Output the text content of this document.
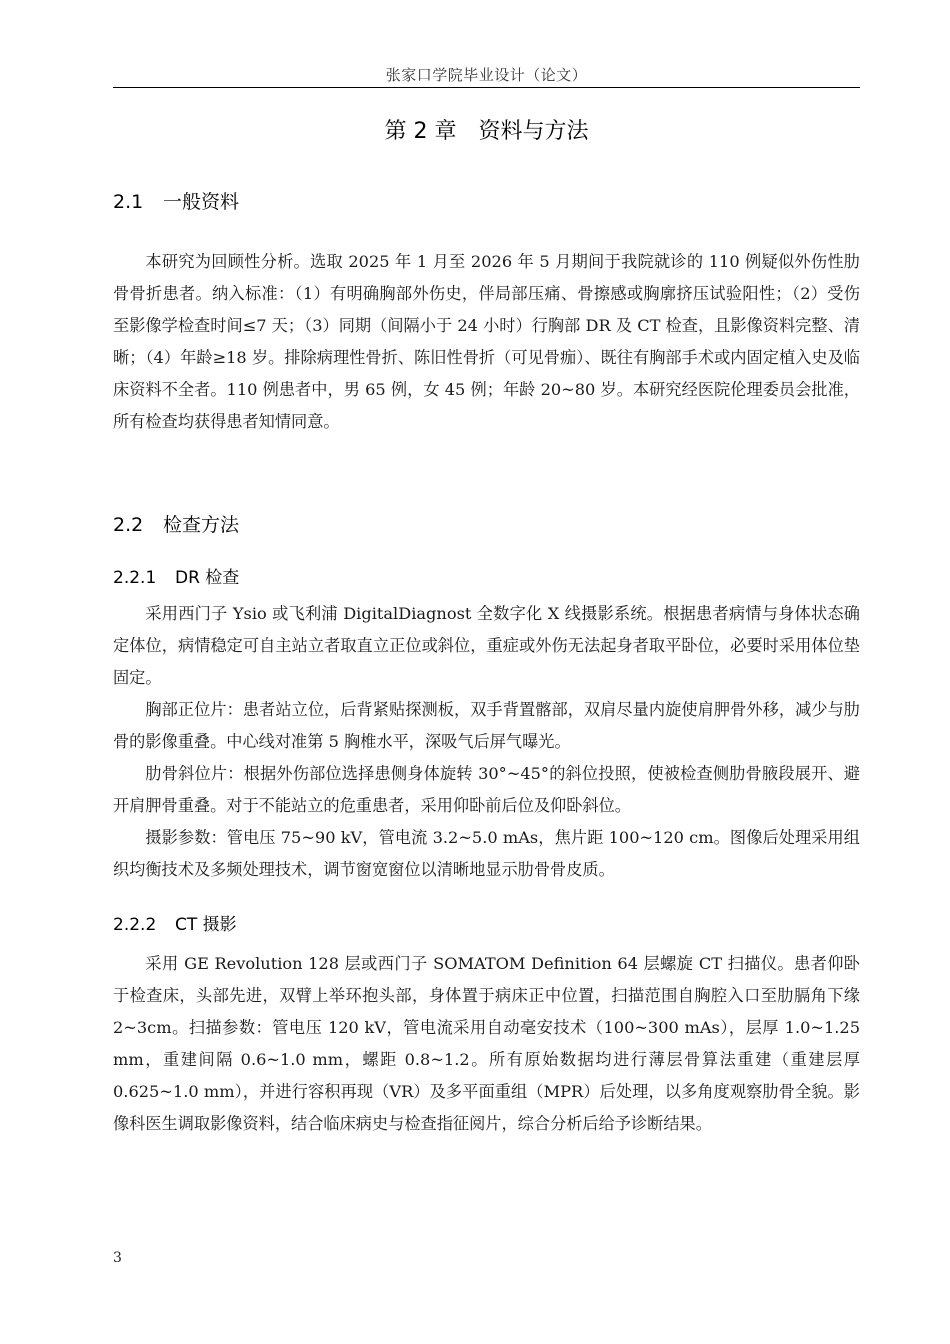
张家口学院毕业设计（论文）
第 2 章 资料与方法
2.1 一般资料

本研究为回顾性分析。选取 2025 年 1 月至 2026 年 5 月期间于我院就诊的 110 例疑似外伤性肋骨骨折患者。纳入标准：（1）有明确胸部外伤史，伴局部压痛、骨擦感或胸廓挤压试验阳性；（2）受伤至影像学检查时间≤7 天；（3）同期（间隔小于 24 小时）行胸部 DR 及 CT 检查，且影像资料完整、清晰；（4）年龄≥18 岁。排除病理性骨折、陈旧性骨折（可见骨痂）、既往有胸部手术或内固定植入史及临床资料不全者。110 例患者中，男 65 例，女 45 例；年龄 20~80 岁。本研究经医院伦理委员会批准，所有检查均获得患者知情同意。

2.2 检查方法
2.2.1 DR 检查

采用西门子 Ysio 或飞利浦 DigitalDiagnost 全数字化 X 线摄影系统。根据患者病情与身体状态确定体位，病情稳定可自主站立者取直立正位或斜位，重症或外伤无法起身者取平卧位，必要时采用体位垫固定。

胸部正位片：患者站立位，后背紧贴探测板，双手背置髂部，双肩尽量内旋使肩胛骨外移，减少与肋骨的影像重叠。中心线对准第 5 胸椎水平，深吸气后屏气曝光。

肋骨斜位片：根据外伤部位选择患侧身体旋转 30°~45°的斜位投照，使被检查侧肋骨腋段展开、避开肩胛骨重叠。对于不能站立的危重患者，采用仰卧前后位及仰卧斜位。

摄影参数：管电压 75~90 kV，管电流 3.2~5.0 mAs，焦片距 100~120 cm。图像后处理采用组织均衡技术及多频处理技术，调节窗宽窗位以清晰地显示肋骨骨皮质。

2.2.2 CT 摄影

采用 GE Revolution 128 层或西门子 SOMATOM Definition 64 层螺旋 CT 扫描仪。患者仰卧于检查床，头部先进，双臂上举环抱头部，身体置于病床正中位置，扫描范围自胸腔入口至肋膈角下缘 2~3cm。扫描参数：管电压 120 kV，管电流采用自动毫安技术（100~300 mAs），层厚 1.0~1.25 mm，重建间隔 0.6~1.0 mm，螺距 0.8~1.2。所有原始数据均进行薄层骨算法重建（重建层厚 0.625~1.0 mm），并进行容积再现（VR）及多平面重组（MPR）后处理，以多角度观察肋骨全貌。影像科医生调取影像资料，结合临床病史与检查指征阅片，综合分析后给予诊断结果。

3
